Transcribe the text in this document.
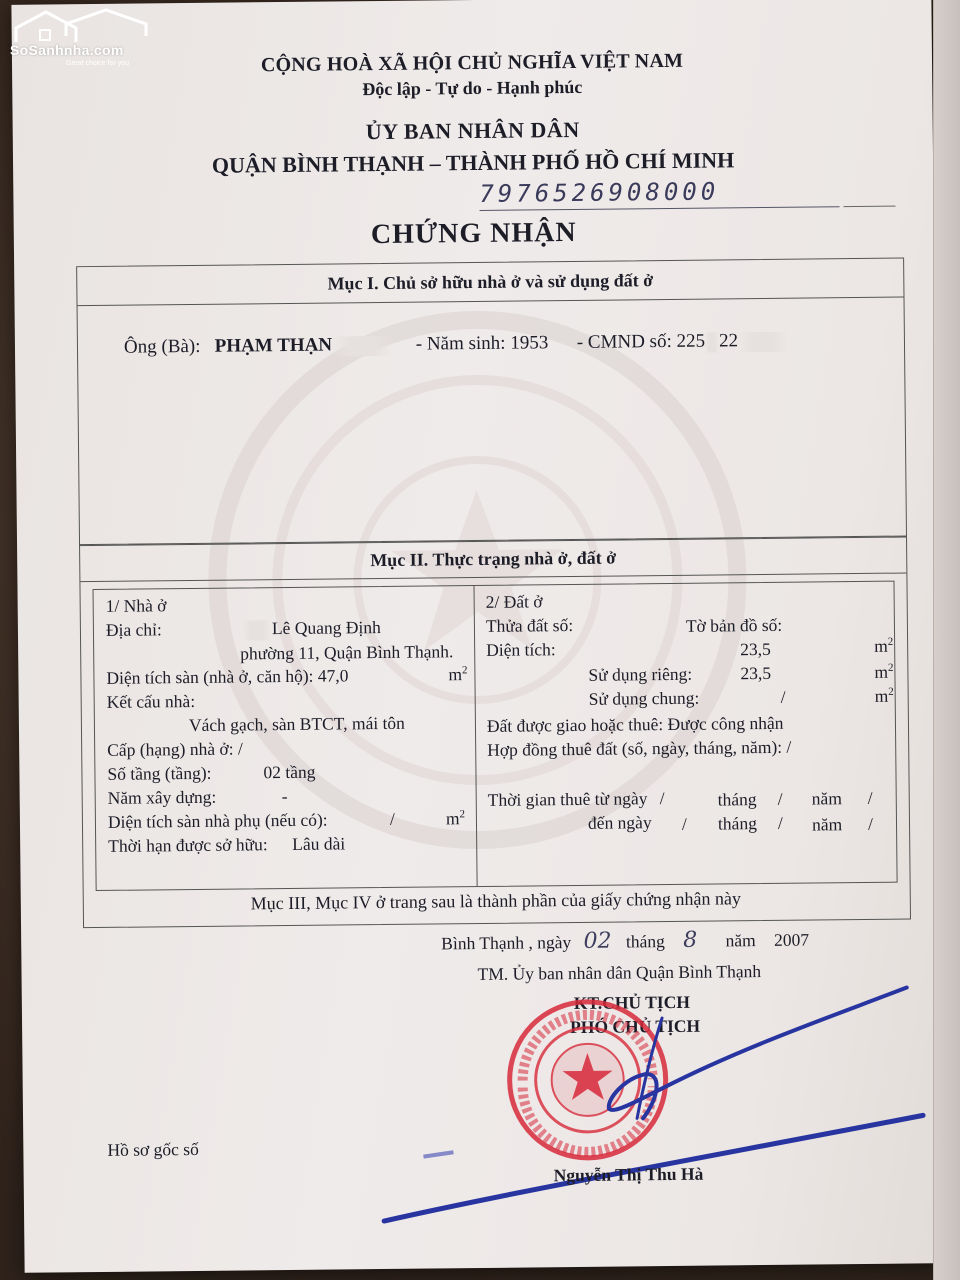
CỘNG HOÀ XÃ HỘI CHỦ NGHĨA VIỆT NAM
Độc lập - Tự do - Hạnh phúc
ỦY BAN NHÂN DÂN
QUẬN BÌNH THẠNH – THÀNH PHỐ HỒ CHÍ MINH
7976526908000
CHỨNG NHẬN
Mục I. Chủ sở hữu nhà ở và sử dụng đất ở
Ông (Bà): PHẠM THẠN	- Năm sinh: 1953 - CMND số: 225 22
Mục II. Thực trạng nhà ở, đất ở
1/ Nhà ở
Địa chỉ:	Lê Quang Định
phường 11, Quận Bình Thạnh.
Diện tích sàn (nhà ở, căn hộ): 47,0	$m^2$
Kết cấu nhà:
Vách gạch, sàn BTCT, mái tôn
Cấp (hạng) nhà ở: /
Số tầng (tầng):	02 tầng
Năm xây dựng:	-
Diện tích sàn nhà phụ (nếu có):	/	$m^2$
Thời hạn được sở hữu: Lâu dài
2/ Đất ở
Thửa đất số:	Tờ bản đồ số:
Diện tích:	23,5	$m^2$
Sử dụng riêng:	23,5	$m^2$
Sử dụng chung:	/	$m^2$
Đất được giao hoặc thuê: Được công nhận
Hợp đồng thuê đất (số, ngày, tháng, năm): /
Thời gian thuê từ ngày /	tháng / năm /
đến ngày / tháng / năm /
Mục III, Mục IV ở trang sau là thành phần của giấy chứng nhận này
Bình Thạnh , ngày 02 tháng 8 năm 2007
TM. Ủy ban nhân dân Quận Bình Thạnh
KT.CHỦ TỊCH
PHÓ CHỦ TỊCH
Hồ sơ gốc số
Nguyễn Thị Thu Hà
SoSanhnha.com
Great choice for you
